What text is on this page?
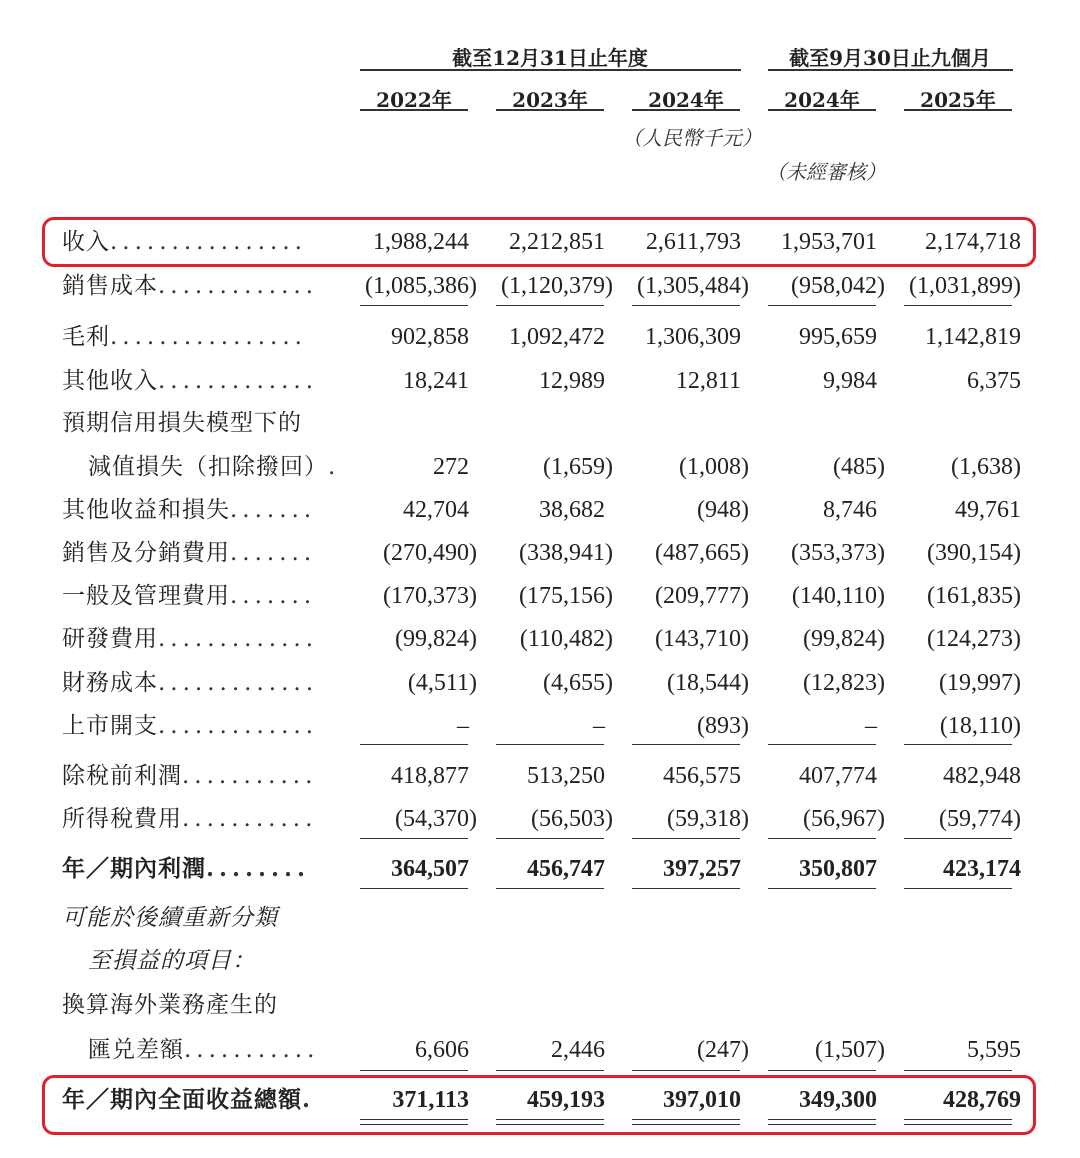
截至12月31日止年度	截至9月30日止九個月
2022年	2023年	2024年	2024年	2025年
（人民幣千元）
（未經審核）
收入................	1,988,244 2,212,851 2,611,793 1,953,701 2,174,718
銷售成本............. (1,085,386) (1,120,379) (1,305,484) (958,042) (1,031,899)
毛利................	902,858 1,092,472 1,306,309 995,659 1,142,819
其他收入.............	18,241	12,989	12,811	9,984	6,375
預期信用損失模型下的
減值損失（扣除撥回）.	272	(1,659)	(1,008)	(485)	(1,638)
其他收益和損失.......	42,704	38,682	(948)	8,746	49,761
銷售及分銷費用.......	(270,490) (338,941) (487,665) (353,373) (390,154)
一般及管理費用.......	(170,373) (175,156) (209,777) (140,110) (161,835)
研發費用.............	(99,824) (110,482) (143,710) (99,824) (124,273)
財務成本.............	(4,511)	(4,655) (18,544) (12,823) (19,997)
上市開支.............	–	–	(893)	–	(18,110)
除稅前利潤...........	418,877 513,250 456,575 407,774	482,948
所得稅費用...........	(54,370) (56,503) (59,318) (56,967) (59,774)
年／期內利潤........	364,507 456,747 397,257 350,807	423,174
可能於後續重新分類
至損益的項目：
換算海外業務產生的
匯兑差額...........	6,606	2,446	(247)	(1,507)	5,595
年／期內全面收益總額.	371,113 459,193 397,010 349,300	428,769
